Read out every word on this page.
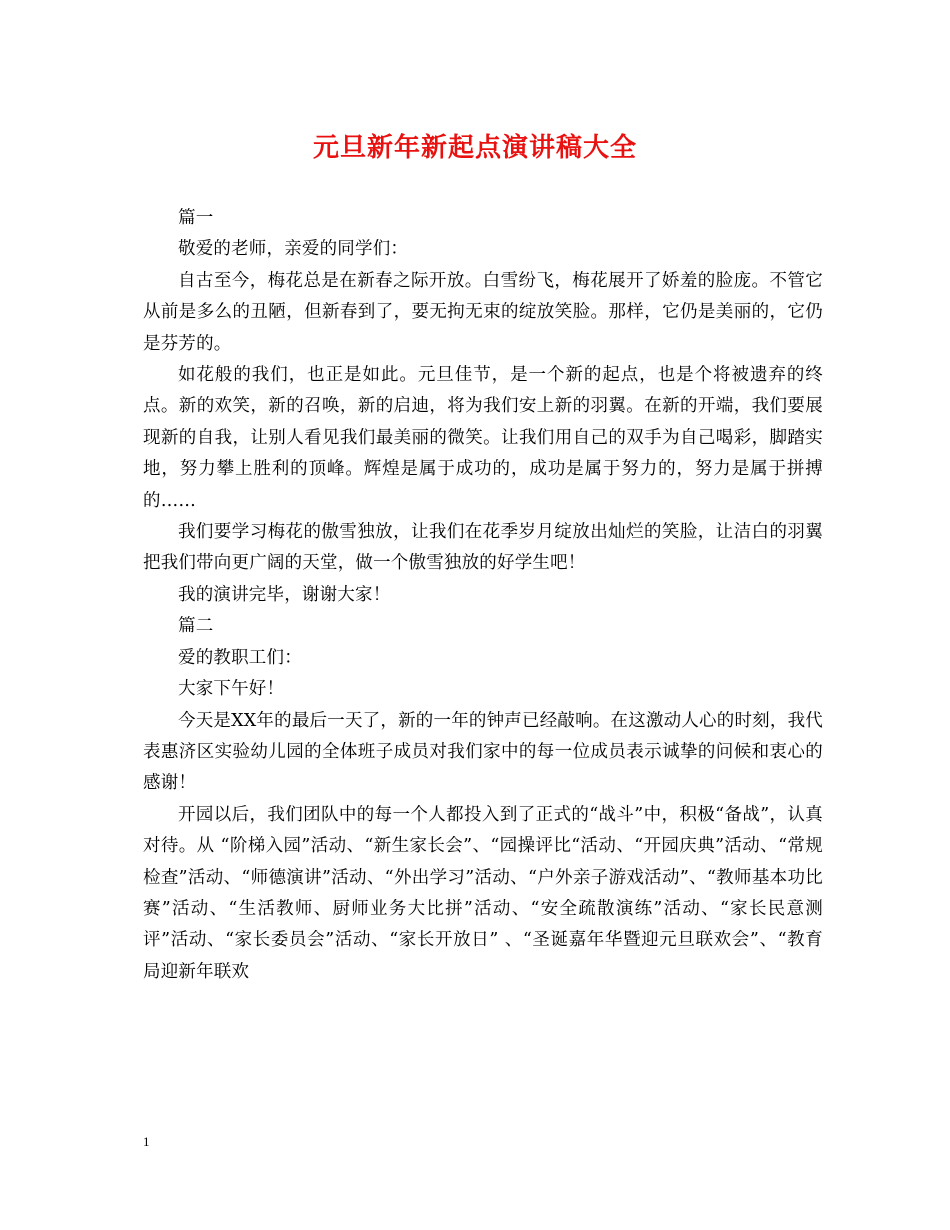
元旦新年新起点演讲稿大全

篇一

敬爱的老师，亲爱的同学们：

自古至今，梅花总是在新春之际开放。白雪纷飞，梅花展开了娇羞的脸庞。不管它从前是多么的丑陋，但新春到了，要无拘无束的绽放笑脸。那样，它仍是美丽的，它仍是芬芳的。

如花般的我们，也正是如此。元旦佳节，是一个新的起点，也是个将被遗弃的终点。新的欢笑，新的召唤，新的启迪，将为我们安上新的羽翼。在新的开端，我们要展现新的自我，让别人看见我们最美丽的微笑。让我们用自己的双手为自己喝彩，脚踏实地，努力攀上胜利的顶峰。辉煌是属于成功的，成功是属于努力的，努力是属于拼搏的……

我们要学习梅花的傲雪独放，让我们在花季岁月绽放出灿烂的笑脸，让洁白的羽翼把我们带向更广阔的天堂，做一个傲雪独放的好学生吧！

我的演讲完毕，谢谢大家！

篇二

爱的教职工们：

大家下午好！

今天是XX年的最后一天了，新的一年的钟声已经敲响。在这激动人心的时刻，我代表惠济区实验幼儿园的全体班子成员对我们家中的每一位成员表示诚挚的问候和衷心的感谢！

开园以后，我们团队中的每一个人都投入到了正式的“战斗”中，积极“备战”，认真对待。从 “阶梯入园”活动、“新生家长会”、“园操评比“活动、“开园庆典”活动、“常规检查”活动、“师德演讲”活动、“外出学习”活动、“户外亲子游戏活动”、“教师基本功比赛”活动、“生活教师、厨师业务大比拼”活动、“安全疏散演练”活动、“家长民意测评”活动、“家长委员会”活动、“家长开放日” 、“圣诞嘉年华暨迎元旦联欢会”、“教育局迎新年联欢

1
